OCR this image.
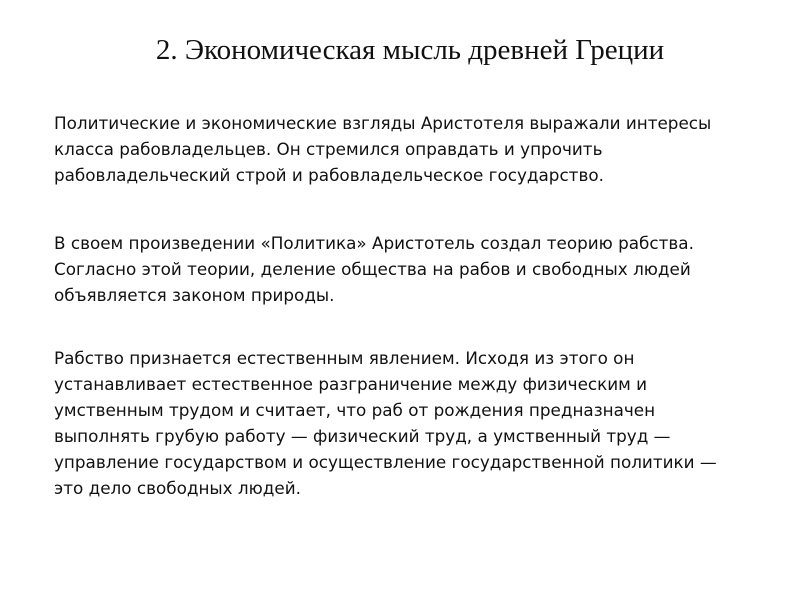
2. Экономическая мысль древней Греции

Политические и экономические взгляды Аристотеля выражали интересы
класса рабовладельцев. Он стремился оправдать и упрочить
рабовладельческий строй и рабовладельческое государство.

В своем произведении «Политика» Аристотель создал теорию рабства.
Согласно этой теории, деление общества на рабов и свободных людей
объявляется законом природы.

Рабство признается естественным явлением. Исходя из этого он
устанавливает естественное разграничение между физическим и
умственным трудом и считает, что раб от рождения предназначен
выполнять грубую работу — физический труд, а умственный труд —
управление государством и осуществление государственной политики —
это дело свободных людей.
